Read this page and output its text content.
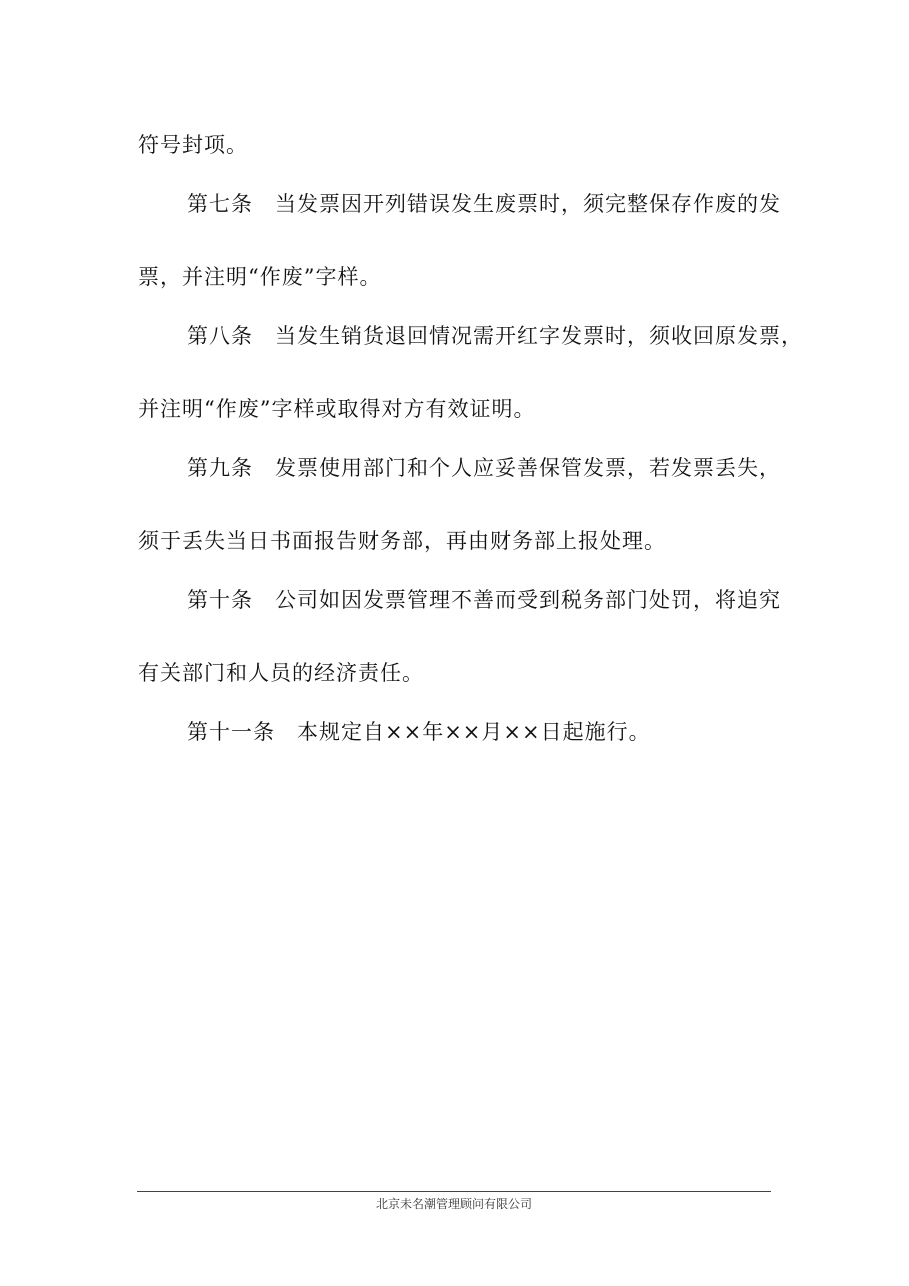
符号封项。
第七条　当发票因开列错误发生废票时，须完整保存作废的发
票，并注明“作废”字样。
第八条　当发生销货退回情况需开红字发票时，须收回原发票，
并注明“作废”字样或取得对方有效证明。
第九条　发票使用部门和个人应妥善保管发票，若发票丢失，
须于丢失当日书面报告财务部，再由财务部上报处理。
第十条　公司如因发票管理不善而受到税务部门处罚，将追究
有关部门和人员的经济责任。
第十一条　本规定自××年××月××日起施行。
北京未名潮管理顾问有限公司
